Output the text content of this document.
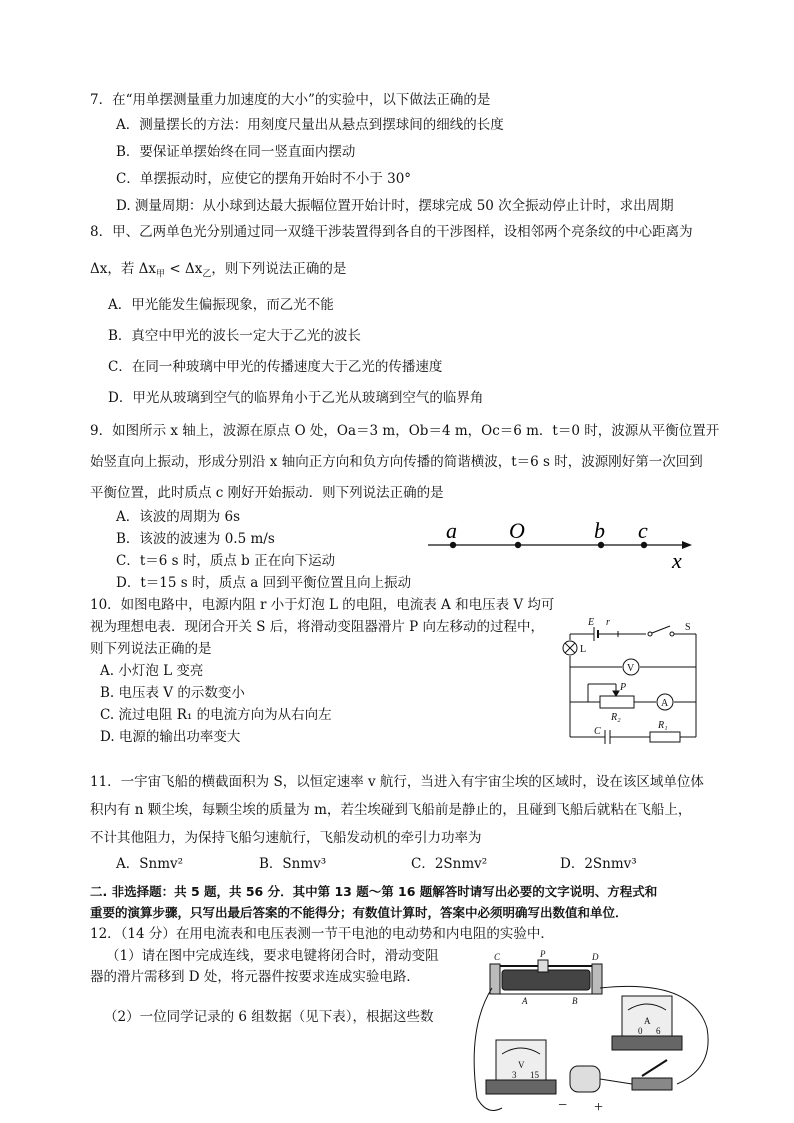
7．在“用单摆测量重力加速度的大小”的实验中，以下做法正确的是
A．测量摆长的方法：用刻度尺量出从悬点到摆球间的细线的长度
B．要保证单摆始终在同一竖直面内摆动
C．单摆振动时，应使它的摆角开始时不小于 30°
D. 测量周期：从小球到达最大振幅位置开始计时，摆球完成 50 次全振动停止计时，求出周期
8．甲、乙两单色光分别通过同一双缝干涉装置得到各自的干涉图样，设相邻两个亮条纹的中心距离为
Δx，若 $\Delta x_甲 < \Delta x_乙$，则下列说法正确的是
A．甲光能发生偏振现象，而乙光不能
B．真空中甲光的波长一定大于乙光的波长
C．在同一种玻璃中甲光的传播速度大于乙光的传播速度
D．甲光从玻璃到空气的临界角小于乙光从玻璃到空气的临界角
9．如图所示 x 轴上，波源在原点 O 处，Oa＝3 m，Ob＝4 m，Oc＝6 m．t＝0 时，波源从平衡位置开
始竖直向上振动，形成分别沿 x 轴向正方向和负方向传播的简谐横波，t＝6 s 时，波源刚好第一次回到
平衡位置，此时质点 c 刚好开始振动．则下列说法正确的是
A．该波的周期为 6s
B．该波的波速为 0.5 m/s
C．t＝6 s 时，质点 b 正在向下运动
D．t＝15 s 时，质点 a 回到平衡位置且向上振动
a O	b c
x
10．如图电路中，电源内阻 r 小于灯泡 L 的电阻，电流表 A 和电压表 V 均可
视为理想电表．现闭合开关 S 后，将滑动变阻器滑片 P 向左移动的过程中，
则下列说法正确的是
A. 小灯泡 L 变亮
B. 电压表 V 的示数变小
C. 流过电阻 R₁ 的电流方向为从右向左
D. 电源的输出功率变大
E r	S
L
V
P
A
R₂
C
R₁
11．一宇宙飞船的横截面积为 S，以恒定速率 v 航行，当进入有宇宙尘埃的区域时，设在该区域单位体
积内有 n 颗尘埃，每颗尘埃的质量为 m，若尘埃碰到飞船前是静止的，且碰到飞船后就粘在飞船上，
不计其他阻力，为保持飞船匀速航行，飞船发动机的牵引力功率为
A．Snmv²	B．Snmv³	C．2Snmv²	D．2Snmv³
二. 非选择题：共 5 题，共 56 分．其中第 13 题～第 16 题解答时请写出必要的文字说明、方程式和
重要的演算步骤，只写出最后答案的不能得分；有数值计算时，答案中必须明确写出数值和单位．
12．（14 分）在用电流表和电压表测一节干电池的电动势和内电阻的实验中．
（1）请在图中完成连线，要求电键将闭合时，滑动变阻
器的滑片需移到 D 处，将元器件按要求连成实验电路．
（2）一位同学记录的 6 组数据（见下表），根据这些数
C	P	D
A	B
A
0 6
V
3 15
− +
